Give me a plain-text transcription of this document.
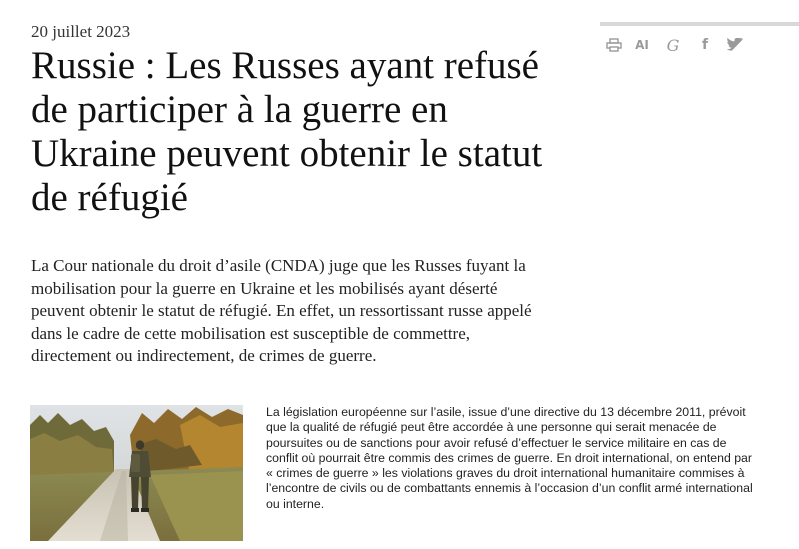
20 juillet 2023
Russie : Les Russes ayant refusé de participer à la guerre en Ukraine peuvent obtenir le statut de réfugié

La Cour nationale du droit d’asile (CNDA) juge que les Russes fuyant la mobilisation pour la guerre en Ukraine et les mobilisés ayant déserté peuvent obtenir le statut de réfugié. En effet, un ressortissant russe appelé dans le cadre de cette mobilisation est susceptible de commettre, directement ou indirectement, de crimes de guerre.

La législation européenne sur l’asile, issue d’une directive du 13 décembre 2011, prévoit que la qualité de réfugié peut être accordée à une personne qui serait menacée de poursuites ou de sanctions pour avoir refusé d’effectuer le service militaire en cas de conflit où pourrait être commis des crimes de guerre. En droit international, on entend par « crimes de guerre » les violations graves du droit international humanitaire commises à l’encontre de civils ou de combattants ennemis à l’occasion d’un conflit armé international ou interne.

AI G	f
